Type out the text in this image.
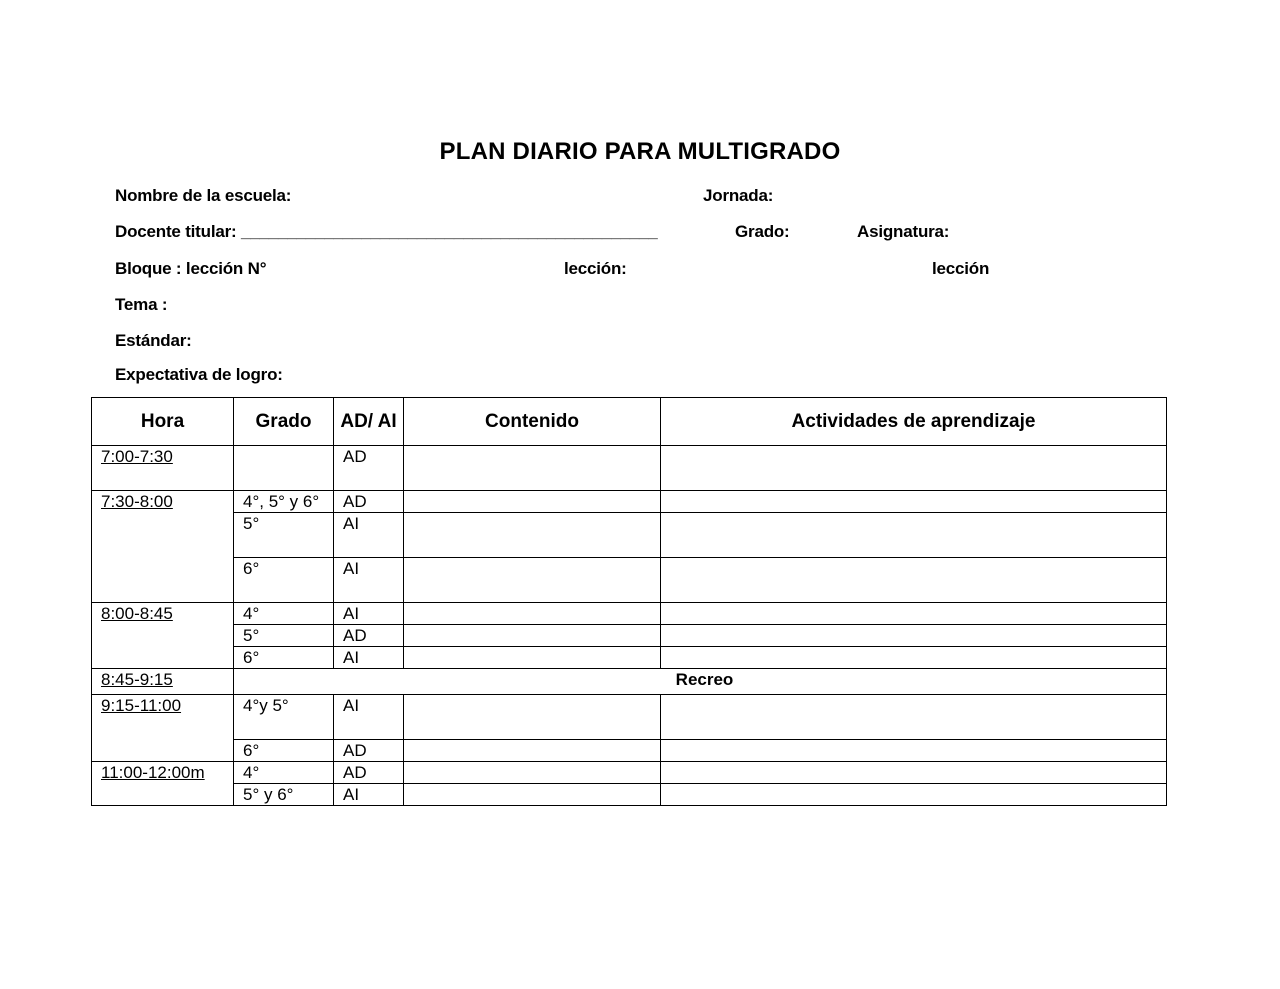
PLAN DIARIO PARA MULTIGRADO
Nombre de la escuela:	Jornada:
Docente titular: _____________________________________________	Grado:	Asignatura:
Bloque : lección N°	lección:	lección
Tema :
Estándar:
Expectativa de logro:
Hora	Grado	AD/ AI	Contenido	Actividades de aprendizaje
7:00-7:30		AD		
7:30-8:00	4°, 5° y 6°	AD		
	5°	AI		
	6°	AI		
8:00-8:45	4°	AI		
	5°	AD		
	6°	AI		
8:45-9:15	Recreo			
9:15-11:00	4°y 5°	AI		
	6°	AD		
11:00-12:00m	4°	AD		
	5° y 6°	AI		
